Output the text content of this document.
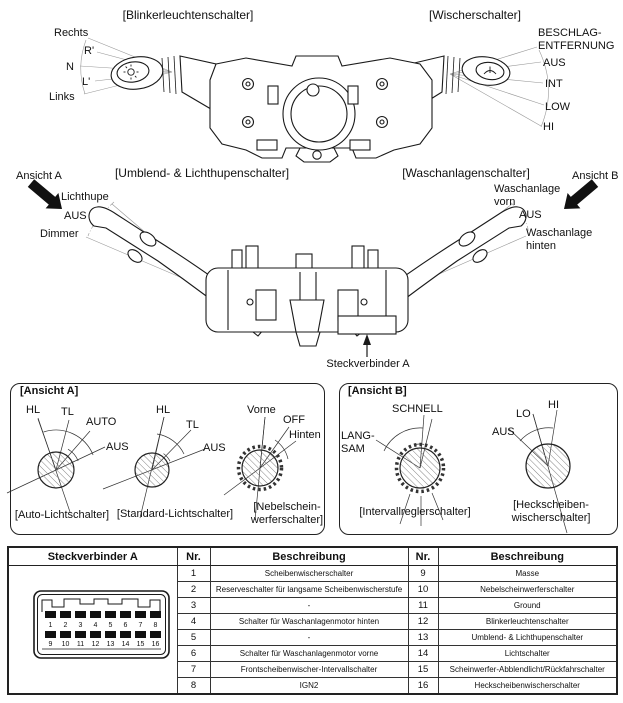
[Blinkerleuchtenschalter]
Rechts
R'
N
L'
Links
[Wischerschalter]
BESCHLAG-
ENTFERNUNG
AUS
INT
LOW
HI
Ansicht A	[Umblend- & Lichthupenschalter]
Lichthupe
AUS
Dimmer
[Waschanlagenschalter]	Ansicht B
Waschanlage
vorn
AUS
Waschanlage
hinten
Steckverbinder A
[Ansicht A]
HL TL
AUTO
AUS
[Auto-Lichtschalter]
HL
TL
AUS
[Standard-Lichtschalter]
Vorne
OFF
Hinten
[Nebelschein-
werferschalter]
[Ansicht B]
SCHNELL
LANG-
SAM
[Intervallreglerschalter]
LO
HI
AUS
[Heckscheiben-
wischerschalter]
Steckverbinder A	Nr.	Beschreibung	Nr.	Beschreibung

1 2 3 4 5 6 7 8
9 10 11 12 13 14 15 16
	1	Scheibenwischerschalter	9	Masse
	2	Reserveschalter für langsame Scheibenwischerstufe	10	Nebelscheinwerferschalter
	3	-	11	Ground
	4	Schalter für Waschanlagenmotor hinten	12	Blinkerleuchtenschalter
	5	-	13	Umblend- & Lichthupenschalter
	6	Schalter für Waschanlagenmotor vorne	14	Lichtschalter
	7	Frontscheibenwischer-Intervallschalter	15	Scheinwerfer-Abblendlicht/Rückfahrschalter
	8	IGN2	16	Heckscheibenwischerschalter
